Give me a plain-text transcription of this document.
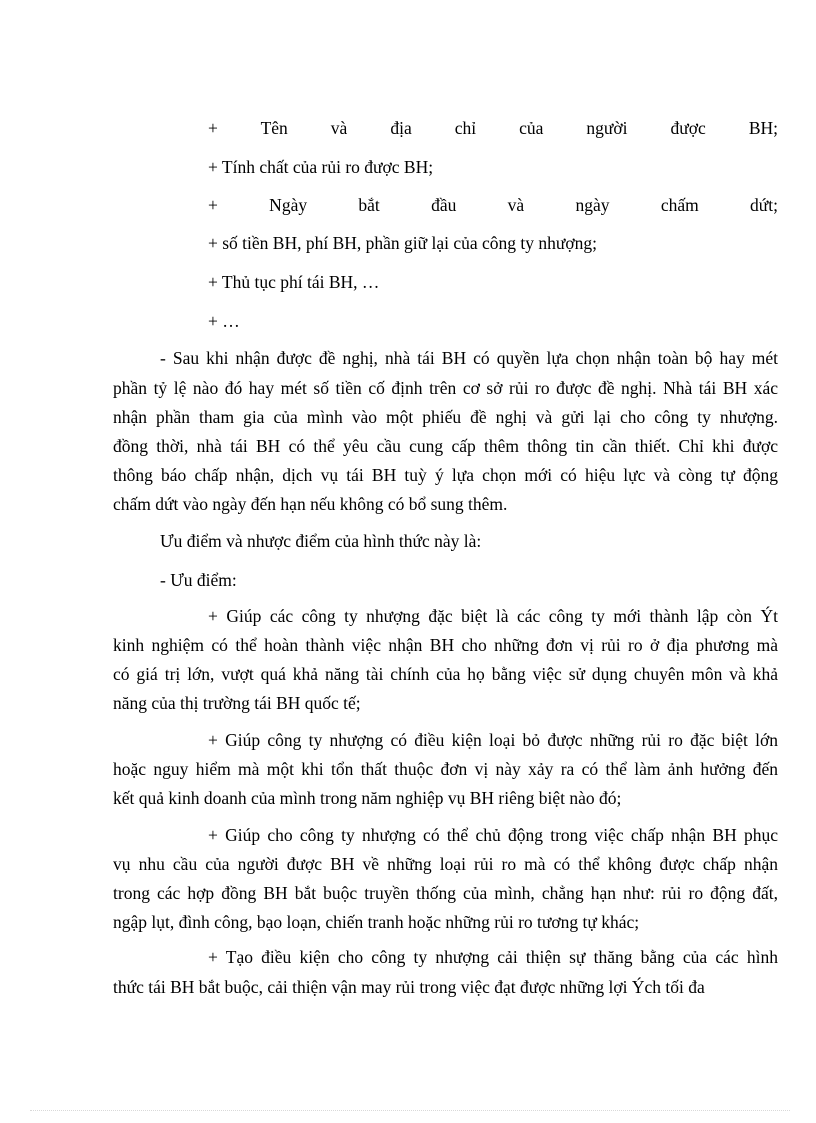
+ Tên và địa chỉ của người được BH;
+ Tính chất của rủi ro được BH;
+ Ngày bắt đầu và ngày chấm dứt;
+ số tiền BH, phí BH, phần giữ lại của công ty nhượng;
+ Thủ tục phí tái BH, …
+ …
- Sau khi nhận được đề nghị, nhà tái BH có quyền lựa chọn nhận toàn bộ hay mét
phần tỷ lệ nào đó hay mét số tiền cố định trên cơ sở rủi ro được đề nghị. Nhà tái BH xác
nhận phần tham gia của mình vào một phiếu đề nghị và gửi lại cho công ty nhượng.
đồng thời, nhà tái BH có thể yêu cầu cung cấp thêm thông tin cần thiết. Chỉ khi được
thông báo chấp nhận, dịch vụ tái BH tuỳ ý lựa chọn mới có hiệu lực và còng tự động
chấm dứt vào ngày đến hạn nếu không có bổ sung thêm.
Ưu điểm và nhược điểm của hình thức này là:
- Ưu điểm:
+ Giúp các công ty nhượng đặc biệt là các công ty mới thành lập còn Ýt
kinh nghiệm có thể hoàn thành việc nhận BH cho những đơn vị rủi ro ở địa phương mà
có giá trị lớn, vượt quá khả năng tài chính của họ bằng việc sử dụng chuyên môn và khả
năng của thị trường tái BH quốc tế;
+ Giúp công ty nhượng có điều kiện loại bỏ được những rủi ro đặc biệt lớn
hoặc nguy hiểm mà một khi tổn thất thuộc đơn vị này xảy ra có thể làm ảnh hưởng đến
kết quả kinh doanh của mình trong năm nghiệp vụ BH riêng biệt nào đó;
+ Giúp cho công ty nhượng có thể chủ động trong việc chấp nhận BH phục
vụ nhu cầu của người được BH về những loại rủi ro mà có thể không được chấp nhận
trong các hợp đồng BH bắt buộc truyền thống của mình, chẳng hạn như: rủi ro động đất,
ngập lụt, đình công, bạo loạn, chiến tranh hoặc những rủi ro tương tự khác;
+ Tạo điều kiện cho công ty nhượng cải thiện sự thăng bằng của các hình
thức tái BH bắt buộc, cải thiện vận may rủi trong việc đạt được những lợi Ých tối đa
